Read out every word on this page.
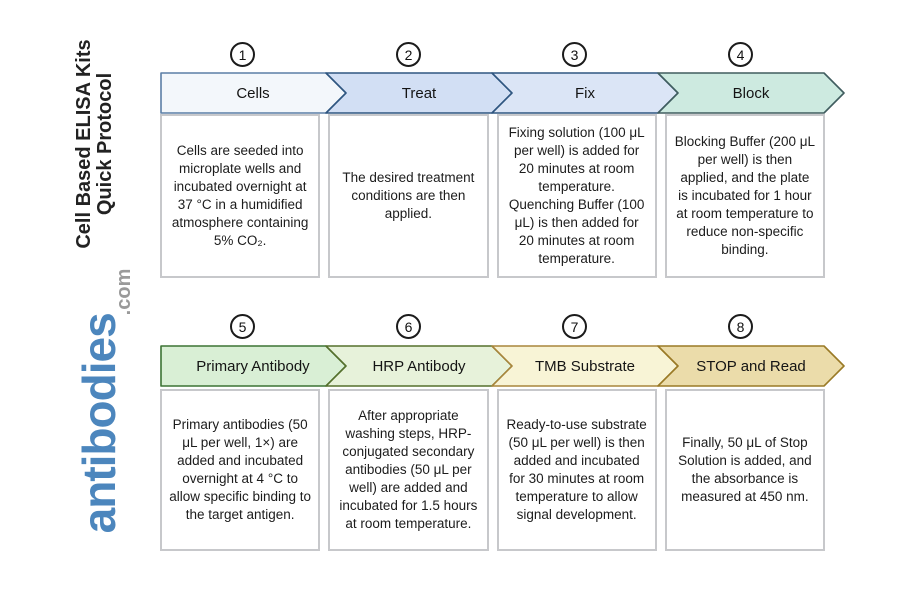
Cell Based ELISA Kits Quick Protocol
antibodies.com
1	2	3	4
Cells	Treat	Fix	Block

Cells are seeded into microplate wells and incubated overnight at 37 °C in a humidified atmosphere containing 5% CO₂.

The desired treatment conditions are then applied.

Fixing solution (100 μL per well) is added for 20 minutes at room temperature. Quenching Buffer (100 μL) is then added for 20 minutes at room temperature.

Blocking Buffer (200 μL per well) is then applied, and the plate is incubated for 1 hour at room temperature to reduce non-specific binding.

5	6	7	8
Primary Antibody	HRP Antibody	TMB Substrate	STOP and Read

Primary antibodies (50 μL per well, 1×) are added and incubated overnight at 4 °C to allow specific binding to the target antigen.

After appropriate washing steps, HRP-conjugated secondary antibodies (50 μL per well) are added and incubated for 1.5 hours at room temperature.

Ready-to-use substrate (50 μL per well) is then added and incubated for 30 minutes at room temperature to allow signal development.

Finally, 50 μL of Stop Solution is added, and the absorbance is measured at 450 nm.
